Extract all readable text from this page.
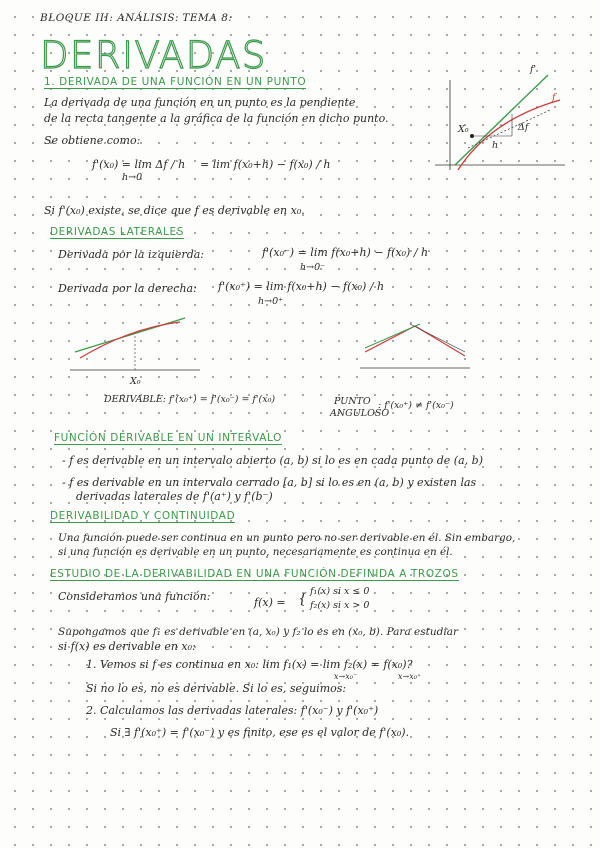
BLOQUE III: ANÁLISIS. TEMA 8:
DERIVADAS
1. DERIVADA DE UNA FUNCIÓN EN UN PUNTO
La derivada de una función en un punto es la pendiente
de la recta tangente a la gráfica de la función en dicho punto.
Se obtiene como:
f'(x₀) = lim Δf / h
h→0
= lim f(x₀+h) − f(x₀) / h
Si f'(x₀) existe, se dice que f es derivable en x₀.
f'
f
X₀
h
Δf
DERIVADAS LATERALES
Derivada por la izquierda:	f'(x₀⁻) = lim f(x₀+h) − f(x₀) / h
h→0⁻
Derivada por la derecha: f'(x₀⁺) = lim f(x₀+h) − f(x₀) / h
h→0⁺
X₀
DERIVABLE: f'(x₀⁺) = f'(x₀⁻) = f'(x₀)	PUNTO
ANGULOSO
: f'(x₀⁺) ≠ f'(x₀⁻)
FUNCIÓN DERIVABLE EN UN INTERVALO
- f es derivable en un intervalo abierto (a, b) si lo es en cada punto de (a, b)
- f es derivable en un intervalo cerrado [a, b] si lo es en (a, b) y existen las
derivadas laterales de f'(a⁺) y f'(b⁻)
DERIVABILIDAD Y CONTINUIDAD
Una función puede ser continua en un punto pero no ser derivable en él. Sin embargo,
si una función es derivable en un punto, necesariamente es continua en él.
ESTUDIO DE LA DERIVABILIDAD EN UNA FUNCIÓN DEFINIDA A TROZOS
Consideramos una función:	f(x) = { f₁(x) si x ≤ 0
f₂(x) si x > 0
Supongamos que f₁ es derivable en (a, x₀) y f₂ lo es en (x₀, b). Para estudiar
si f(x) es derivable en x₀:
1. Vemos si f es continua en x₀: lim f₁(x) = lim f₂(x) = f(x₀)?
x→x₀⁻	x→x₀⁺
Si no lo es, no es derivable. Si lo es, seguimos:
2. Calculamos las derivadas laterales: f'(x₀⁻) y f'(x₀⁺)
Si ∃ f'(x₀⁺) = f'(x₀⁻) y es finito, ese es el valor de f'(x₀).
